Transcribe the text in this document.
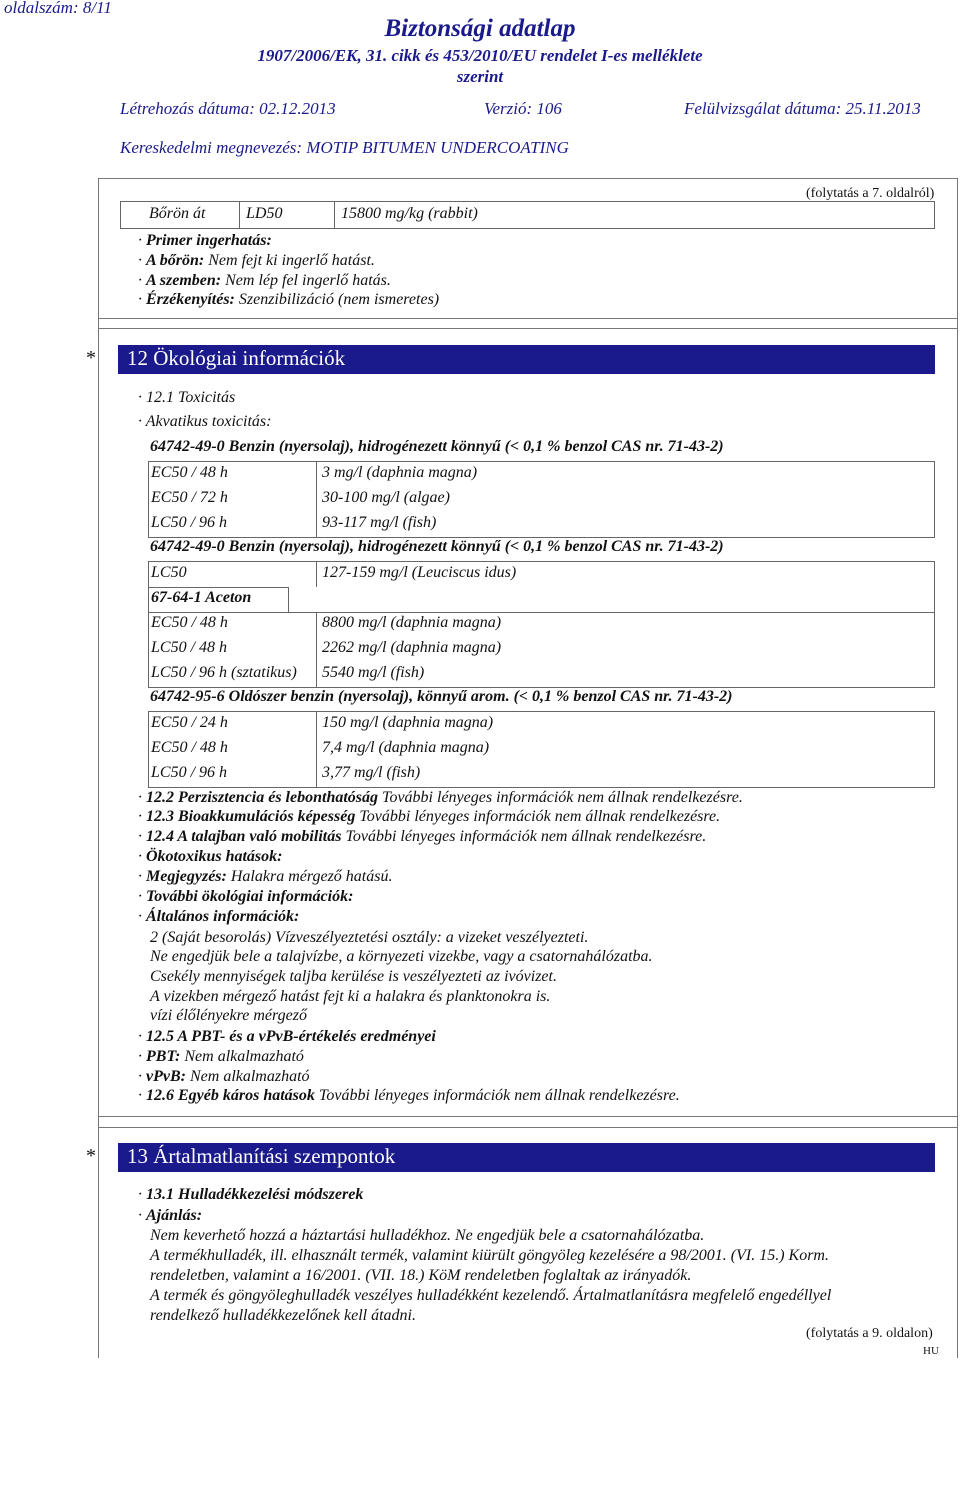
oldalszám: 8/11
Biztonsági adatlap
1907/2006/EK, 31. cikk és 453/2010/EU rendelet I-es melléklete
szerint
Létrehozás dátuma: 02.12.2013	Verzió: 106	Felülvizsgálat dátuma: 25.11.2013
Kereskedelmi megnevezés: MOTIP BITUMEN UNDERCOATING
(folytatás a 7. oldalról)
Bőrön át	LD50	15800 mg/kg (rabbit)
· Primer ingerhatás:
· A bőrön: Nem fejt ki ingerlő hatást.
· A szemben: Nem lép fel ingerlő hatás.
· Érzékenyítés: Szenzibilizáció (nem ismeretes)
* 12 Ökológiai információk
· 12.1 Toxicitás
· Akvatikus toxicitás:
64742-49-0 Benzin (nyersolaj), hidrogénezett könnyű (< 0,1 % benzol CAS nr. 71-43-2)
EC50 / 48 h	3 mg/l (daphnia magna)
EC50 / 72 h	30-100 mg/l (algae)
LC50 / 96 h	93-117 mg/l (fish)
64742-49-0 Benzin (nyersolaj), hidrogénezett könnyű (< 0,1 % benzol CAS nr. 71-43-2)
LC50	127-159 mg/l (Leuciscus idus)
67-64-1 Aceton
EC50 / 48 h	8800 mg/l (daphnia magna)
LC50 / 48 h	2262 mg/l (daphnia magna)
LC50 / 96 h (sztatikus) 5540 mg/l (fish)
64742-95-6 Oldószer benzin (nyersolaj), könnyű arom. (< 0,1 % benzol CAS nr. 71-43-2)
EC50 / 24 h	150 mg/l (daphnia magna)
EC50 / 48 h	7,4 mg/l (daphnia magna)
LC50 / 96 h	3,77 mg/l (fish)
· 12.2 Perzisztencia és lebonthatóság További lényeges információk nem állnak rendelkezésre.
· 12.3 Bioakkumulációs képesség További lényeges információk nem állnak rendelkezésre.
· 12.4 A talajban való mobilitás További lényeges információk nem állnak rendelkezésre.
· Ökotoxikus hatások:
· Megjegyzés: Halakra mérgező hatású.
· További ökológiai információk:
· Általános információk:
2 (Saját besorolás) Vízveszélyeztetési osztály: a vizeket veszélyezteti.
Ne engedjük bele a talajvízbe, a környezeti vizekbe, vagy a csatornahálózatba.
Csekély mennyiségek taljba kerülése is veszélyezteti az ivóvizet.
A vizekben mérgező hatást fejt ki a halakra és planktonokra is.
vízi élőlényekre mérgező
· 12.5 A PBT- és a vPvB-értékelés eredményei
· PBT: Nem alkalmazható
· vPvB: Nem alkalmazható
· 12.6 Egyéb káros hatások További lényeges információk nem állnak rendelkezésre.
* 13 Ártalmatlanítási szempontok
· 13.1 Hulladékkezelési módszerek
· Ajánlás:
Nem keverhető hozzá a háztartási hulladékhoz. Ne engedjük bele a csatornahálózatba.
A termékhulladék, ill. elhasznált termék, valamint kiürült göngyöleg kezelésére a 98/2001. (VI. 15.) Korm.
rendeletben, valamint a 16/2001. (VII. 18.) KöM rendeletben foglaltak az irányadók.
A termék és göngyöleghulladék veszélyes hulladékként kezelendő. Ártalmatlanításra megfelelő engedéllyel
rendelkező hulladékkezelőnek kell átadni.
(folytatás a 9. oldalon)
HU
